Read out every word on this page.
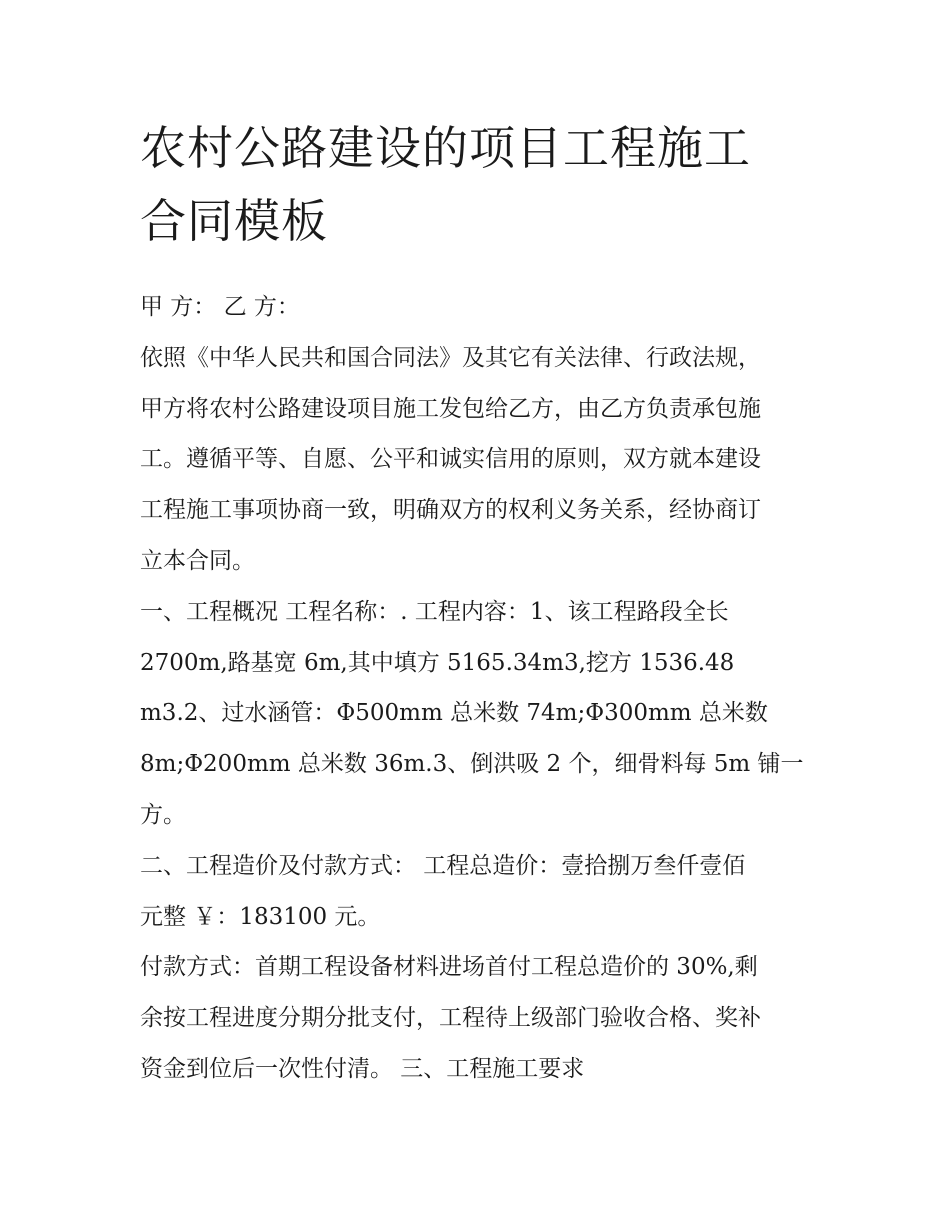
农村公路建设的项目工程施工
合同模板
甲 方： 乙 方：
依照《中华人民共和国合同法》及其它有关法律、行政法规，
甲方将农村公路建设项目施工发包给乙方，由乙方负责承包施
工。遵循平等、自愿、公平和诚实信用的原则，双方就本建设
工程施工事项协商一致，明确双方的权利义务关系，经协商订
立本合同。
一、工程概况 工程名称：. 工程内容：1、该工程路段全长
2700m,路基宽 6m,其中填方 5165.34m3,挖方 1536.48
m3.2、过水涵管：Φ500mm 总米数 74m;Φ300mm 总米数
8m;Φ200mm 总米数 36m.3、倒洪吸 2 个，细骨料每 5m 铺一
方。
二、工程造价及付款方式： 工程总造价：壹拾捌万叁仟壹佰
元整 ￥：183100 元。
付款方式：首期工程设备材料进场首付工程总造价的 30%,剩
余按工程进度分期分批支付，工程待上级部门验收合格、奖补
资金到位后一次性付清。 三、工程施工要求
